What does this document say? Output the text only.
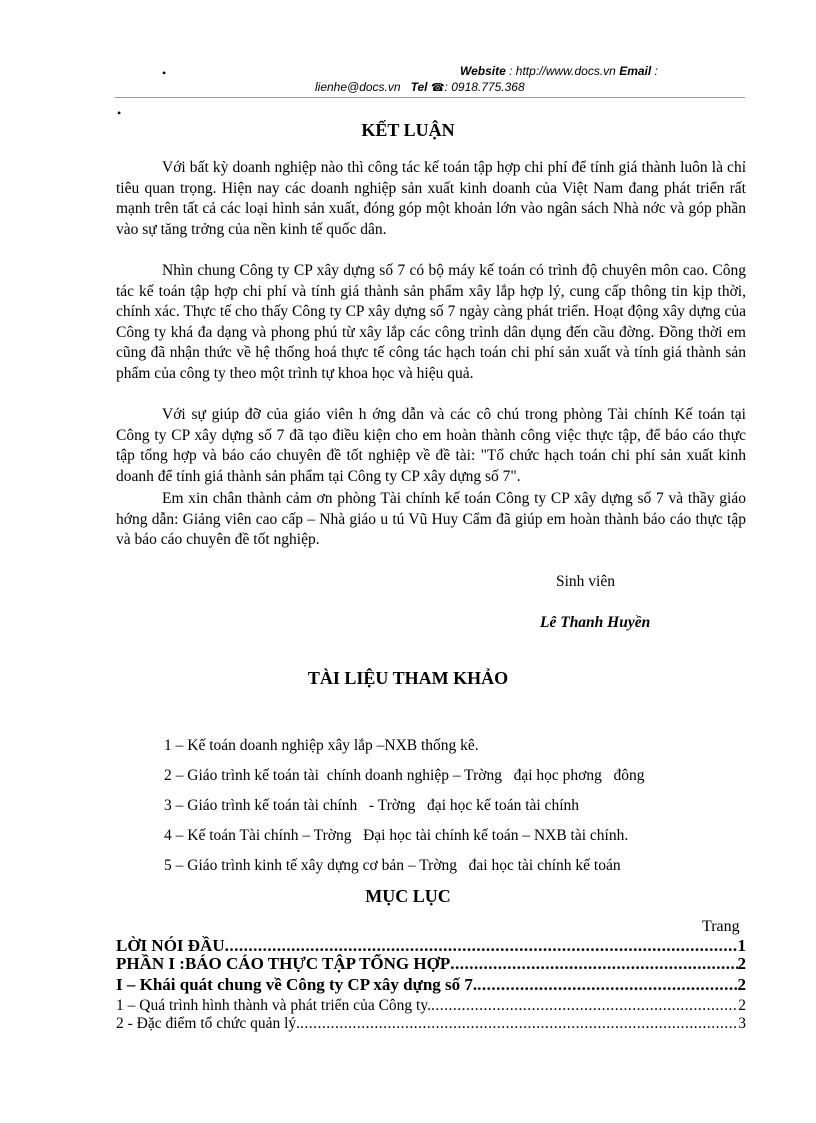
•	Website : http://www.docs.vn Email :
lienhe@docs.vn Tel ☎: 0918.775.368
•
KẾT LUẬN

Với bất kỳ doanh nghiệp nào thì công tác kế toán tập hợp chi phí để tính giá thành luôn là chỉ tiêu quan trọng. Hiện nay các doanh nghiệp sản xuất kinh doanh của Việt Nam đang phát triển rất mạnh trên tất cả các loại hình sản xuất, đóng góp một khoản lớn vào ngân sách Nhà nớc và góp phần vào sự tăng trởng của nền kinh tế quốc dân.

Nhìn chung Công ty CP xây dựng số 7 có bộ máy kế toán có trình độ chuyên môn cao. Công tác kế toán tập hợp chi phí và tính giá thành sản phẩm xây lắp hợp lý, cung cấp thông tin kịp thời, chính xác. Thực tế cho thấy Công ty CP xây dựng số 7 ngày càng phát triển. Hoạt động xây dựng của Công ty khá đa dạng và phong phú từ xây lắp các công trình dân dụng đến cầu đờng. Đồng thời em cũng đã nhận thức về hệ thống hoá thực tế công tác hạch toán chi phí sản xuất và tính giá thành sản phẩm của công ty theo một trình tự khoa học và hiệu quả.

Với sự giúp đỡ của giáo viên h ớng dẫn và các cô chú trong phòng Tài chính Kế toán tại Công ty CP xây dựng số 7 đã tạo điều kiện cho em hoàn thành công việc thực tập, để báo cáo thực tập tổng hợp và báo cáo chuyên đề tốt nghiệp về đề tài: "Tổ chức hạch toán chi phí sản xuất kinh doanh để tính giá thành sản phẩm tại Công ty CP xây dựng số 7".

Em xin chân thành cảm ơn phòng Tài chính kế toán Công ty CP xây dựng số 7 và thầy giáo hớng dẫn: Giảng viên cao cấp – Nhà giáo u tú Vũ Huy Cẩm đã giúp em hoàn thành báo cáo thực tập và báo cáo chuyên đề tốt nghiệp.

Sinh viên
Lê Thanh Huyền
TÀI LIỆU THAM KHẢO
1 – Kế toán doanh nghiệp xây lắp –NXB thống kê.
2 – Giáo trình kế toán tài  chính doanh nghiệp – Trờng   đại học phơng   đông
3 – Giáo trình kế toán tài chính   - Trờng   đại học kế toán tài chính
4 – Kế toán Tài chính – Trờng   Đại học tài chính kế toán – NXB tài chính.
5 – Giáo trình kinh tế xây dựng cơ bản – Trờng   đai học tài chính kế toán
MỤC LỤC
Trang
LỜI NÓI ĐẦU .....	1
PHẦN I :BÁO CÁO THỰC TẬP TỔNG HỢP .....	2
I – Khái quát chung về Công ty CP xây dựng số 7. .....	2
1 – Quá trình hình thành và phát triển của Công ty. .....	2
2 - Đặc điểm tổ chức quản lý. .....	3
